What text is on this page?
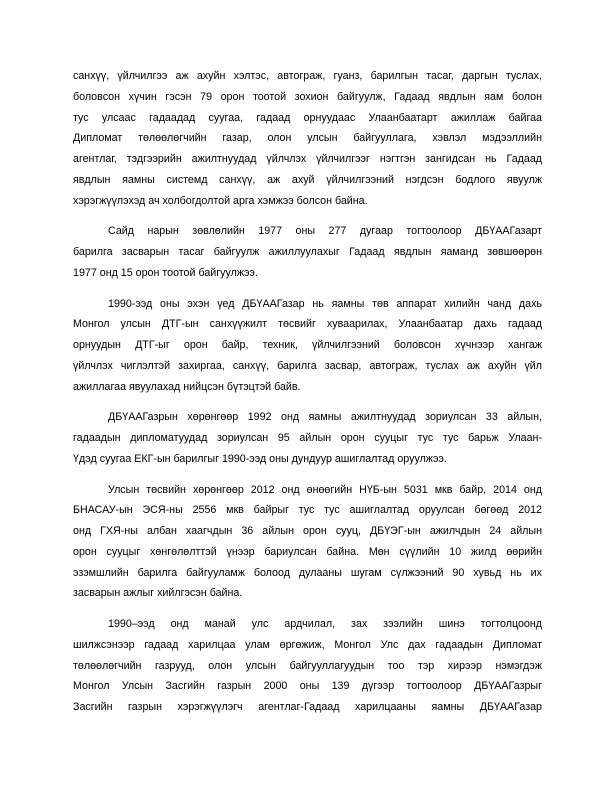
санхүү, үйлчилгээ аж ахуйн хэлтэс, автограж, гуанз, барилгын тасаг, даргын туслах,
боловсон хүчин гэсэн 79 орон тоотой зохион байгуулж, Гадаад явдлын яам болон
тус улсаас гадаадад суугаа, гадаад орнуудаас Улаанбаатарт ажиллаж байгаа
Дипломат төлөөлөгчийн газар, олон улсын байгууллага, хэвлэл мэдээллийн
агентлаг, тэдгээрийн ажилтнуудад үйлчлэх үйлчилгээг нэгтгэн зангидсан нь Гадаад
явдлын яамны системд санхүү, аж ахуй үйлчилгээний нэгдсэн бодлого явуулж
хэрэгжүүлэхэд ач холбогдолтой арга хэмжээ болсон байна.
Сайд нарын зөвлөлийн 1977 оны 277 дугаар тогтоолоор ДБҮААГазарт
барилга засварын тасаг байгуулж ажиллуулахыг Гадаад явдлын яаманд зөвшөөрөн
1977 онд 15 орон тоотой байгуулжээ.
1990-ээд оны эхэн үед ДБҮААГазар нь яамны төв аппарат хилийн чанд дахь
Монгол улсын ДТГ-ын санхүүжилт төсвийг хуваарилах, Улаанбаатар дахь гадаад
орнуудын ДТГ-ыг орон байр, техник, үйлчилгээний боловсон хүчнээр хангаж
үйлчлэх чиглэлтэй захиргаа, санхүү, барилга засвар, автограж, туслах аж ахуйн үйл
ажиллагаа явуулахад нийцсэн бүтэцтэй байв.
ДБҮААГазрын хөрөнгөөр 1992 онд яамны ажилтнуудад зориулсан 33 айлын,
гадаадын дипломатуудад зориулсан 95 айлын орон сууцыг тус тус барьж Улаан-
Үдэд суугаа ЕКГ-ын барилгыг 1990-ээд оны дундуур ашиглалтад оруулжээ.
Улсын төсвийн хөрөнгөөр 2012 онд өнөөгийн НҮБ-ын 5031 мкв байр, 2014 онд
БНАСАУ-ын ЭСЯ-ны 2556 мкв байрыг тус тус ашиглалтад оруулсан бөгөөд 2012
онд ГХЯ-ны албан хаагчдын 36 айлын орон сууц, ДБҮЭГ-ын ажилчдын 24 айлын
орон сууцыг хөнгөлөлттэй үнээр бариулсан байна. Мөн сүүлийн 10 жилд өөрийн
эзэмшлийн барилга байгууламж болоод дулааны шугам сүлжээний 90 хувьд нь их
засварын ажлыг хийлгэсэн байна.
1990–ээд онд манай улс ардчилал, зах зээлийн шинэ тогтолцоонд
шилжсэнээр гадаад харилцаа улам өргөжиж, Монгол Улс дах гадаадын Дипломат
төлөөлөгчийн газрууд, олон улсын байгууллагуудын тоо тэр хирээр нэмэгдэж
Монгол Улсын Засгийн газрын 2000 оны 139 дүгээр тогтоолоор ДБҮААГазрыг
Засгийн газрын хэрэгжүүлэгч агентлаг-Гадаад харилцааны яамны ДБҮААГазар
